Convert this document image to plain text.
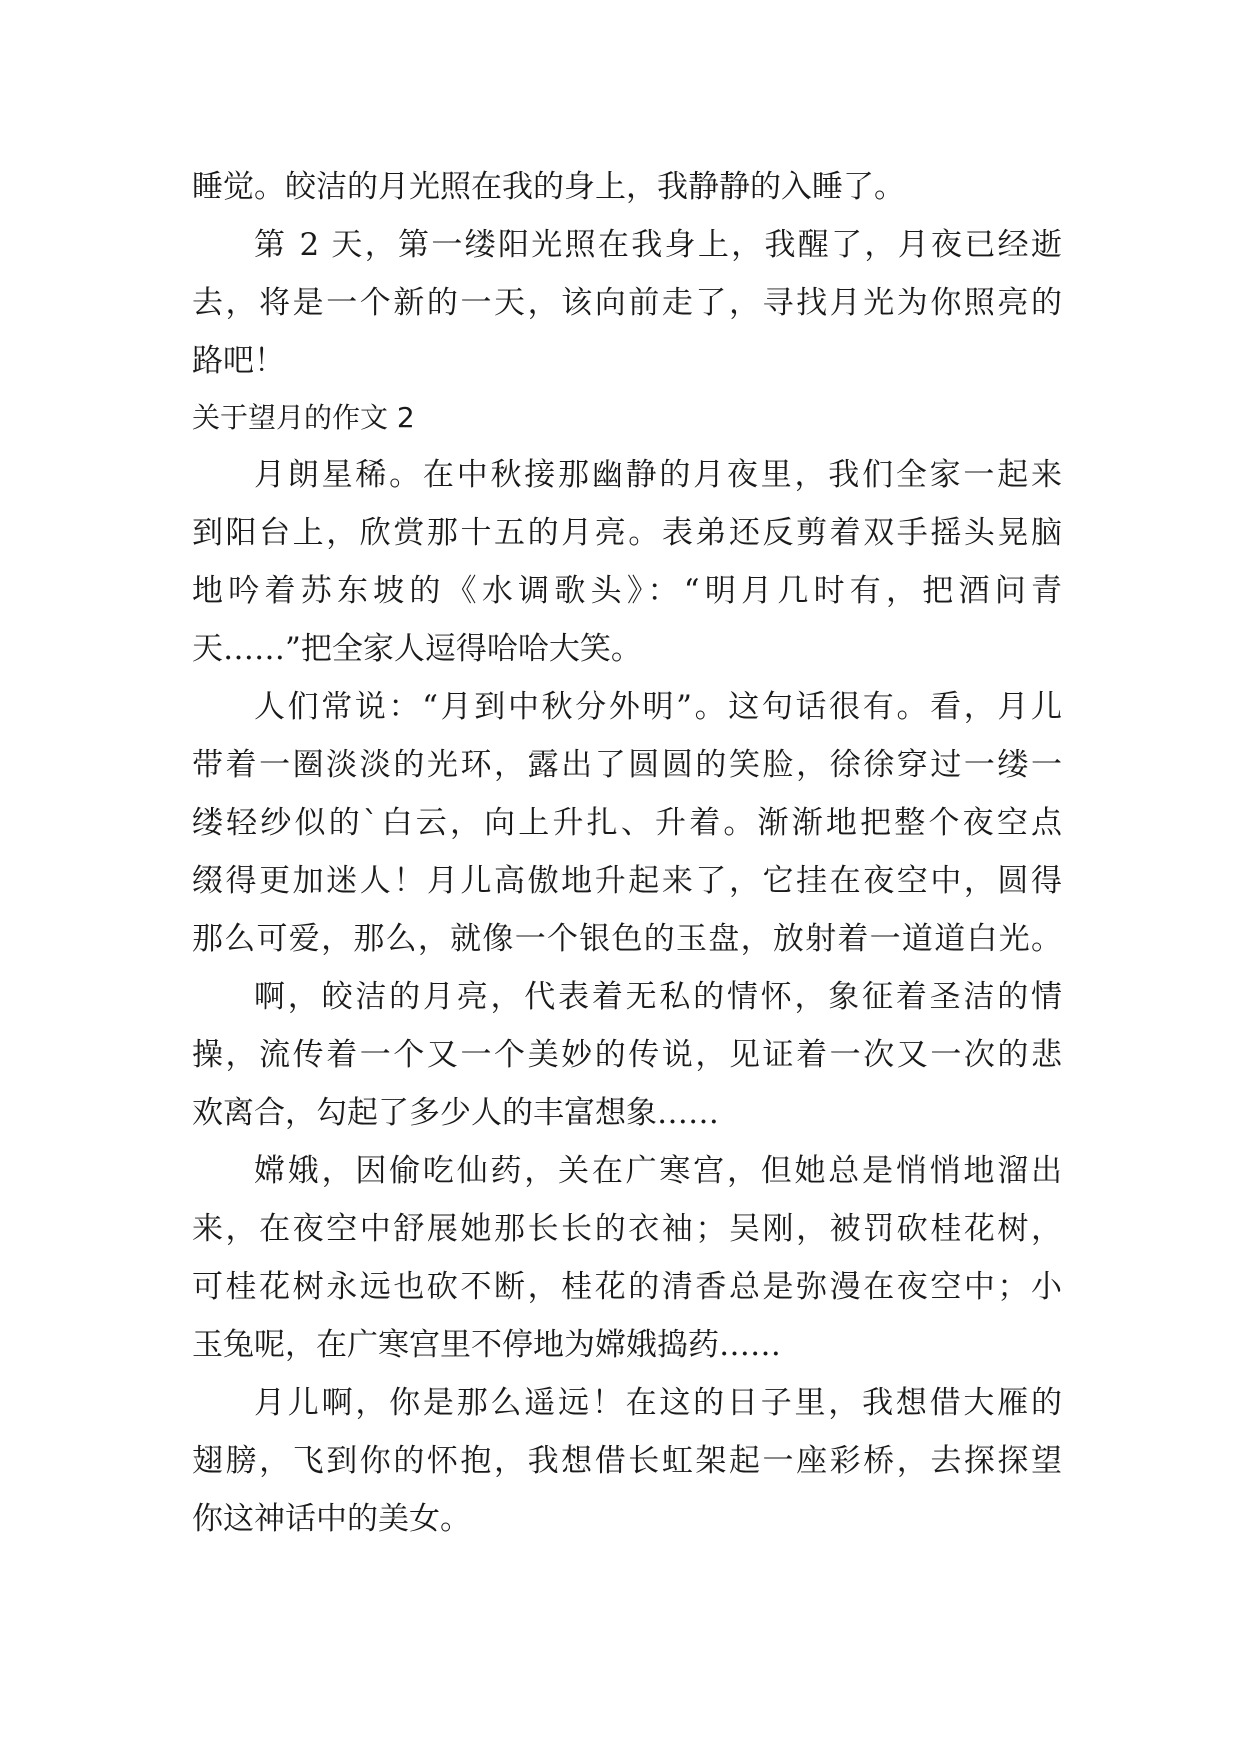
睡觉。皎洁的月光照在我的身上，我静静的入睡了。
第 2 天，第一缕阳光照在我身上，我醒了，月夜已经逝
去，将是一个新的一天，该向前走了，寻找月光为你照亮的
路吧！
关于望月的作文 2
月朗星稀。在中秋接那幽静的月夜里，我们全家一起来
到阳台上，欣赏那十五的月亮。表弟还反剪着双手摇头晃脑
地吟着苏东坡的《水调歌头》：“明月几时有，把酒问青
天……”把全家人逗得哈哈大笑。
人们常说：“月到中秋分外明”。这句话很有。看，月儿
带着一圈淡淡的光环，露出了圆圆的笑脸，徐徐穿过一缕一
缕轻纱似的`白云，向上升扎、升着。渐渐地把整个夜空点
缀得更加迷人！月儿高傲地升起来了，它挂在夜空中，圆得
那么可爱，那么，就像一个银色的玉盘，放射着一道道白光。
啊，皎洁的月亮，代表着无私的情怀，象征着圣洁的情
操，流传着一个又一个美妙的传说，见证着一次又一次的悲
欢离合，勾起了多少人的丰富想象……
嫦娥，因偷吃仙药，关在广寒宫，但她总是悄悄地溜出
来，在夜空中舒展她那长长的衣袖；吴刚，被罚砍桂花树，
可桂花树永远也砍不断，桂花的清香总是弥漫在夜空中；小
玉兔呢，在广寒宫里不停地为嫦娥捣药……
月儿啊，你是那么遥远！在这的日子里，我想借大雁的
翅膀，飞到你的怀抱，我想借长虹架起一座彩桥，去探探望
你这神话中的美女。
